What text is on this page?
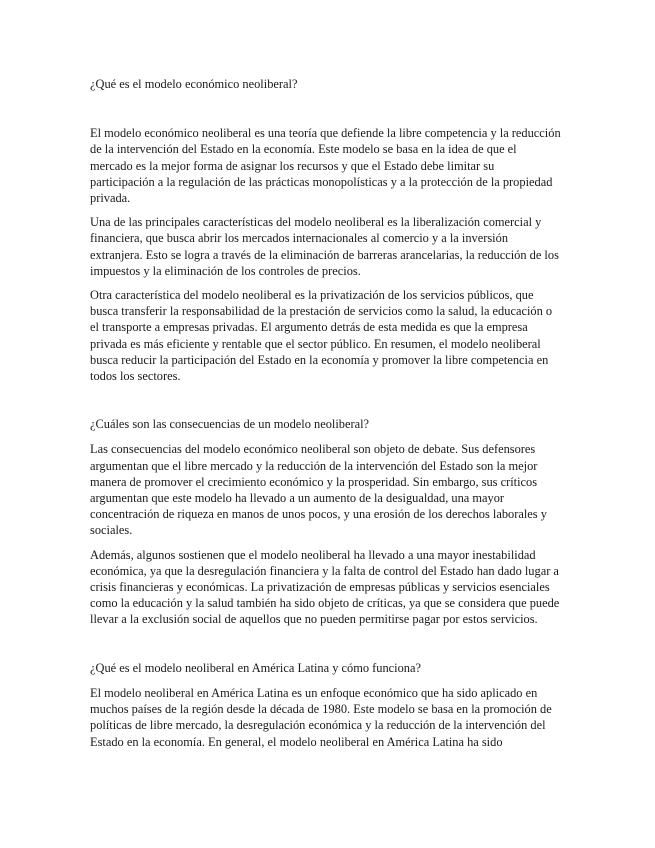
¿Qué es el modelo económico neoliberal?

El modelo económico neoliberal es una teoría que defiende la libre competencia y la reducción de la intervención del Estado en la economía. Este modelo se basa en la idea de que el mercado es la mejor forma de asignar los recursos y que el Estado debe limitar su participación a la regulación de las prácticas monopolísticas y a la protección de la propiedad privada.

Una de las principales características del modelo neoliberal es la liberalización comercial y financiera, que busca abrir los mercados internacionales al comercio y a la inversión extranjera. Esto se logra a través de la eliminación de barreras arancelarias, la reducción de los impuestos y la eliminación de los controles de precios.

Otra característica del modelo neoliberal es la privatización de los servicios públicos, que busca transferir la responsabilidad de la prestación de servicios como la salud, la educación o el transporte a empresas privadas. El argumento detrás de esta medida es que la empresa privada es más eficiente y rentable que el sector público. En resumen, el modelo neoliberal busca reducir la participación del Estado en la economía y promover la libre competencia en todos los sectores.

¿Cuáles son las consecuencias de un modelo neoliberal?

Las consecuencias del modelo económico neoliberal son objeto de debate. Sus defensores argumentan que el libre mercado y la reducción de la intervención del Estado son la mejor manera de promover el crecimiento económico y la prosperidad. Sin embargo, sus críticos argumentan que este modelo ha llevado a un aumento de la desigualdad, una mayor concentración de riqueza en manos de unos pocos, y una erosión de los derechos laborales y sociales.

Además, algunos sostienen que el modelo neoliberal ha llevado a una mayor inestabilidad económica, ya que la desregulación financiera y la falta de control del Estado han dado lugar a crisis financieras y económicas. La privatización de empresas públicas y servicios esenciales como la educación y la salud también ha sido objeto de críticas, ya que se considera que puede llevar a la exclusión social de aquellos que no pueden permitirse pagar por estos servicios.

¿Qué es el modelo neoliberal en América Latina y cómo funciona?

El modelo neoliberal en América Latina es un enfoque económico que ha sido aplicado en muchos países de la región desde la década de 1980. Este modelo se basa en la promoción de políticas de libre mercado, la desregulación económica y la reducción de la intervención del Estado en la economía. En general, el modelo neoliberal en América Latina ha sido
